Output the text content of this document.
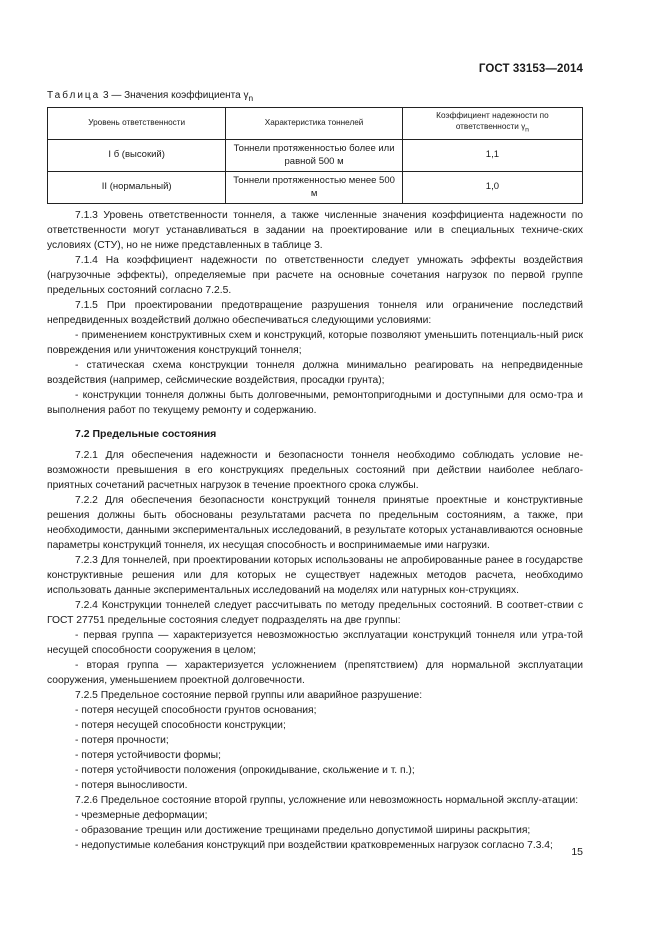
ГОСТ 33153—2014
Таблица 3 — Значения коэффициента $\gamma_n$
Уровень ответственности	Характеристика тоннелей	Коэффициент надежности по ответственности $\gamma_n$
I б (высокий)	Тоннели протяженностью более или равной 500 м	1,1
II (нормальный)	Тоннели протяженностью менее 500 м	1,0

7.1.3 Уровень ответственности тоннеля, а также численные значения коэффициента надежности по ответственности могут устанавливаться в задании на проектирование или в специальных техниче-ских условиях (СТУ), но не ниже представленных в таблице 3.

7.1.4 На коэффициент надежности по ответственности следует умножать эффекты воздействия (нагрузочные эффекты), определяемые при расчете на основные сочетания нагрузок по первой группе предельных состояний согласно 7.2.5.

7.1.5 При проектировании предотвращение разрушения тоннеля или ограничение последствий непредвиденных воздействий должно обеспечиваться следующими условиями:

- применением конструктивных схем и конструкций, которые позволяют уменьшить потенциаль-ный риск повреждения или уничтожения конструкций тоннеля;

- статическая схема конструкции тоннеля должна минимально реагировать на непредвиденные воздействия (например, сейсмические воздействия, просадки грунта);

- конструкции тоннеля должны быть долговечными, ремонтопригодными и доступными для осмо-тра и выполнения работ по текущему ремонту и содержанию.

7.2 Предельные состояния

7.2.1 Для обеспечения надежности и безопасности тоннеля необходимо соблюдать условие не-возможности превышения в его конструкциях предельных состояний при действии наиболее неблаго-приятных сочетаний расчетных нагрузок в течение проектного срока службы.

7.2.2 Для обеспечения безопасности конструкций тоннеля принятые проектные и конструктивные решения должны быть обоснованы результатами расчета по предельным состояниям, а также, при необходимости, данными экспериментальных исследований, в результате которых устанавливаются основные параметры конструкций тоннеля, их несущая способность и воспринимаемые ими нагрузки.

7.2.3 Для тоннелей, при проектировании которых использованы не апробированные ранее в государстве конструктивные решения или для которых не существует надежных методов расчета, необходимо использовать данные экспериментальных исследований на моделях или натурных кон-струкциях.

7.2.4 Конструкции тоннелей следует рассчитывать по методу предельных состояний. В соответ-ствии с ГОСТ 27751 предельные состояния следует подразделять на две группы:

- первая группа — характеризуется невозможностью эксплуатации конструкций тоннеля или утра-той несущей способности сооружения в целом;

- вторая группа — характеризуется усложнением (препятствием) для нормальной эксплуатации сооружения, уменьшением проектной долговечности.

7.2.5 Предельное состояние первой группы или аварийное разрушение:

- потеря несущей способности грунтов основания;

- потеря несущей способности конструкции;

- потеря прочности;

- потеря устойчивости формы;

- потеря устойчивости положения (опрокидывание, скольжение и т. п.);

- потеря выносливости.

7.2.6 Предельное состояние второй группы, усложнение или невозможность нормальной эксплу-атации:

- чрезмерные деформации;

- образование трещин или достижение трещинами предельно допустимой ширины раскрытия;

- недопустимые колебания конструкций при воздействии кратковременных нагрузок согласно 7.3.4;

15
